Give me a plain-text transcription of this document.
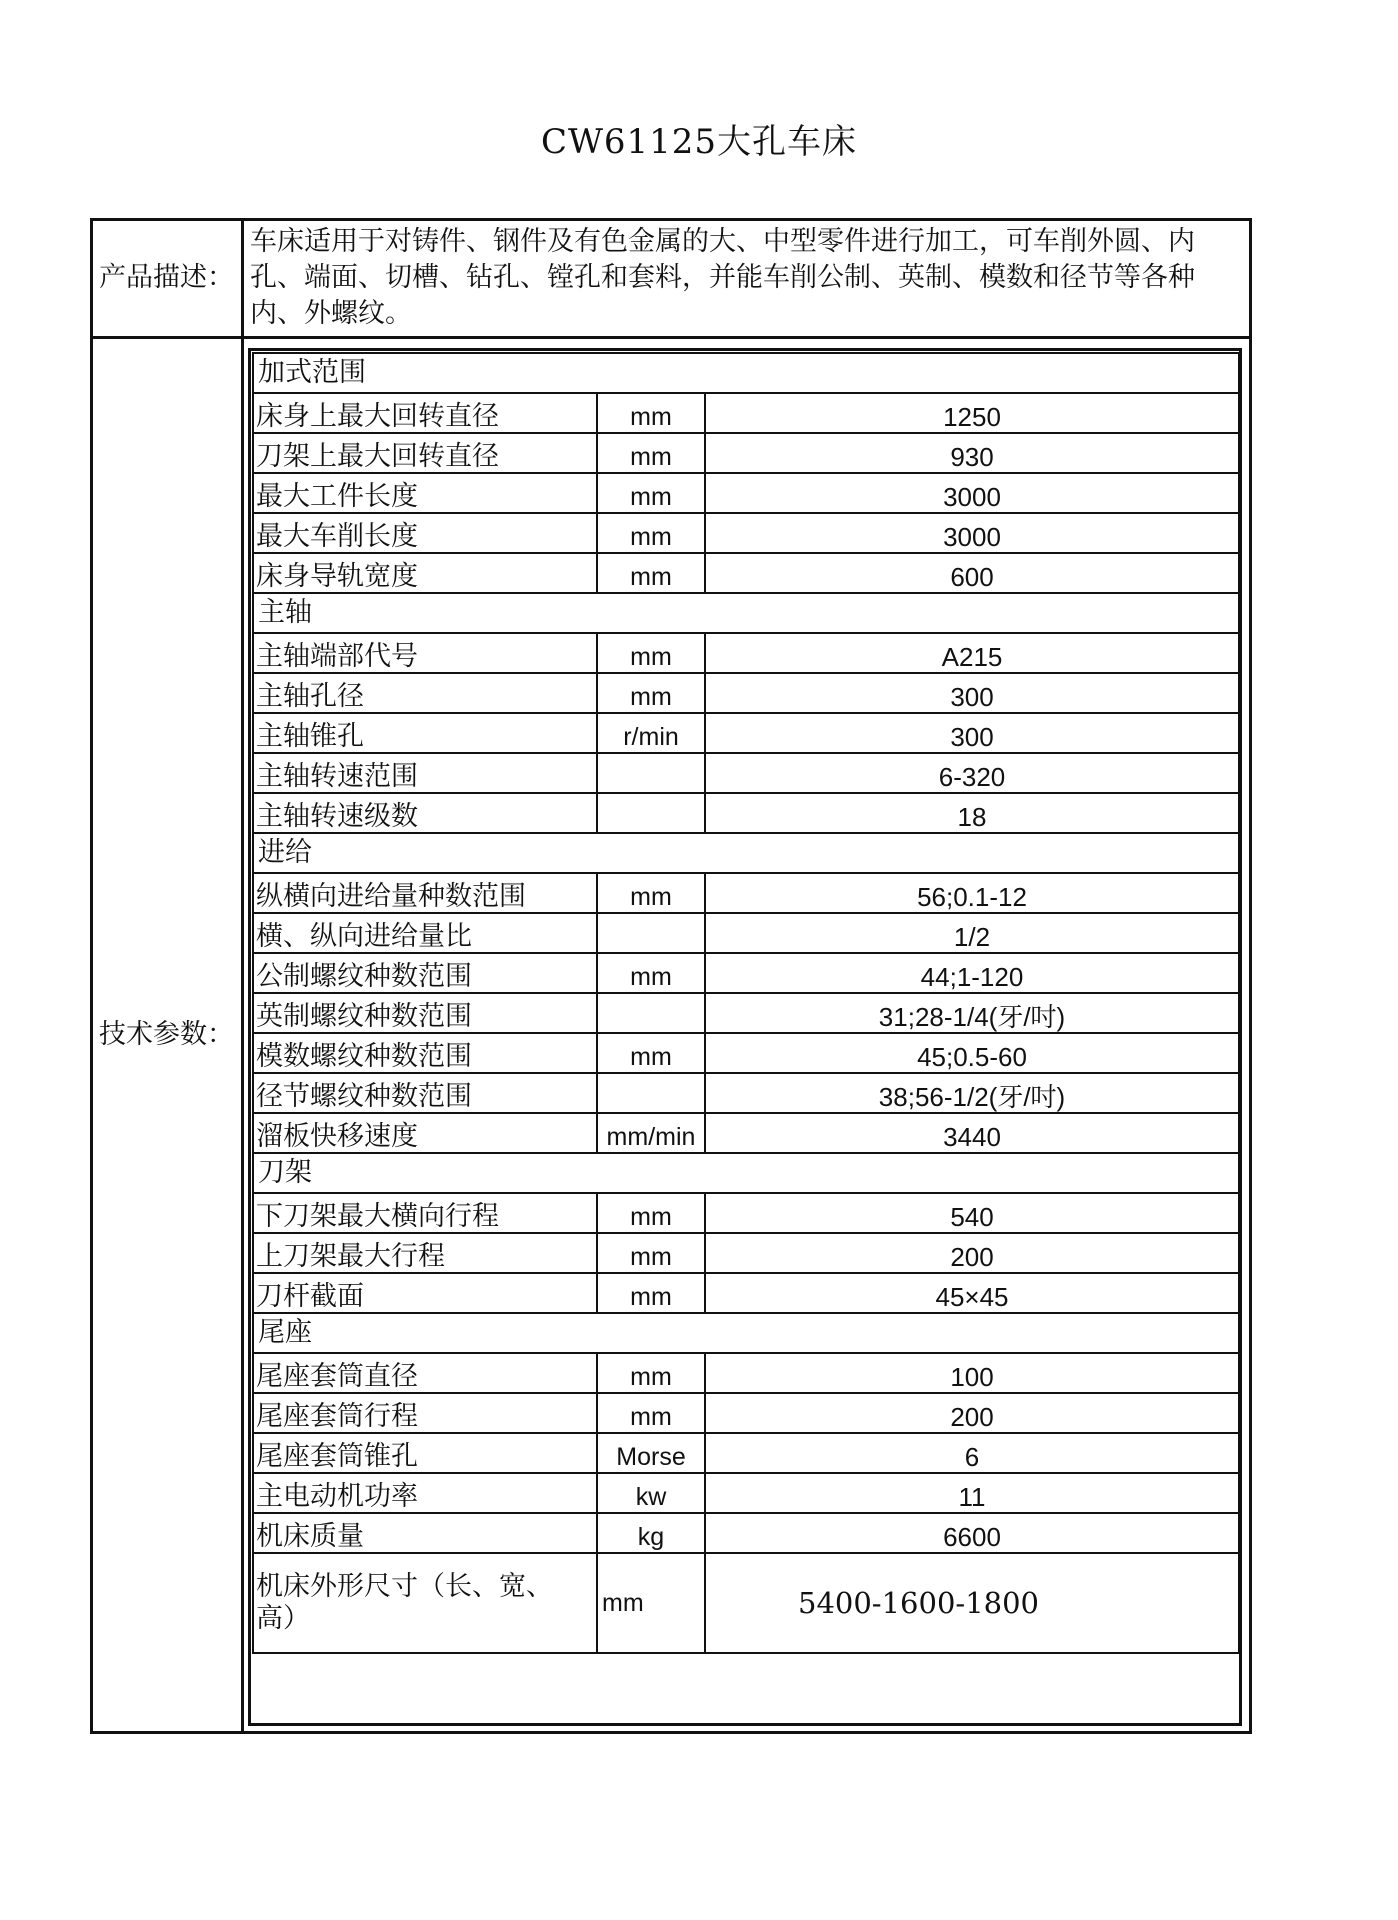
CW61125大孔车床
产品描述：
车床适用于对铸件、钢件及有色金属的大、中型零件进行加工，可车削外圆、内孔、端面、切槽、钻孔、镗孔和套料，并能车削公制、英制、模数和径节等各种内、外螺纹。
技术参数：
加式范围		
床身上最大回转直径	mm	1250
刀架上最大回转直径	mm	930
最大工件长度	mm	3000
最大车削长度	mm	3000
床身导轨宽度	mm	600
主轴		
主轴端部代号	mm	A215
主轴孔径	mm	300
主轴锥孔	r/min	300
主轴转速范围		6-320
主轴转速级数		18
进给		
纵横向进给量种数范围	mm	56;0.1-12
横、纵向进给量比		1/2
公制螺纹种数范围	mm	44;1-120
英制螺纹种数范围		31;28-1/4(牙/吋)
模数螺纹种数范围	mm	45;0.5-60
径节螺纹种数范围		38;56-1/2(牙/吋)
溜板快移速度	mm/min	3440
刀架		
下刀架最大横向行程	mm	540
上刀架最大行程	mm	200
刀杆截面	mm	45×45
尾座		
尾座套筒直径	mm	100
尾座套筒行程	mm	200
尾座套筒锥孔	Morse	6
主电动机功率	kw	11
机床质量	kg	6600
机床外形尺寸（长、宽、高）	mm	5400-1600-1800
